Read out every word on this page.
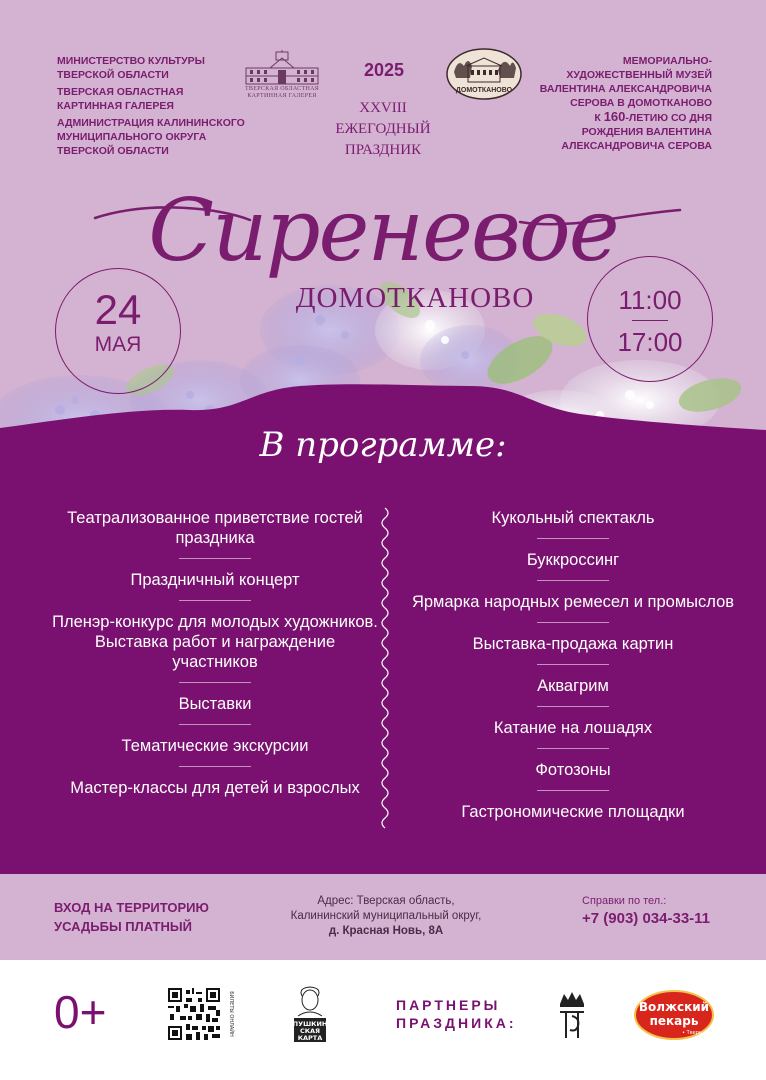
МИНИСТЕРСТВО КУЛЬТУРЫ ТВЕРСКОЙ ОБЛАСТИ

ТВЕРСКАЯ ОБЛАСТНАЯ КАРТИННАЯ ГАЛЕРЕЯ

АДМИНИСТРАЦИЯ КАЛИНИНСКОГО МУНИЦИПАЛЬНОГО ОКРУГА ТВЕРСКОЙ ОБЛАСТИ

ТВЕРСКАЯ ОБЛАСТНАЯ КАРТИННАЯ ГАЛЕРЕЯ
2025
ДОМОТКАНОВО

МЕМОРИАЛЬНО-ХУДОЖЕСТВЕННЫЙ МУЗЕЙ ВАЛЕНТИНА АЛЕКСАНДРОВИЧА СЕРОВА В ДОМОТКАНОВО

К 160-ЛЕТИЮ СО ДНЯ РОЖДЕНИЯ ВАЛЕНТИНА АЛЕКСАНДРОВИЧА СЕРОВА

XXVIII
ЕЖЕГОДНЫЙ
ПРАЗДНИК
Сиреневое
ДОМОТКАНОВО
24
МАЯ
11:00
17:00
В программе:
Театрализованное приветствие гостей праздника
Праздничный концерт
Пленэр-конкурс для молодых художников. Выставка работ и награждение участников
Выставки
Тематические экскурсии
Мастер-классы для детей и взрослых
Кукольный спектакль
Буккроссинг
Ярмарка народных ремесел и промыслов
Выставка-продажа картин
Аквагрим
Катание на лошадях
Фотозоны
Гастрономические площадки
ВХОД НА ТЕРРИТОРИЮ
УСАДЬБЫ ПЛАТНЫЙ
Адрес: Тверская область,
Калининский муниципальный округ,
д. Красная Новь, 8А
Справки по тел.:
+7 (903) 034-33-11
0+	БИЛЕТЫ ОНЛАЙН	ПУШКИН
СКАЯ
КАРТА
ПАРТНЕРЫ
ПРАЗДНИКА:
Волжский
пекарь
• Тверь
